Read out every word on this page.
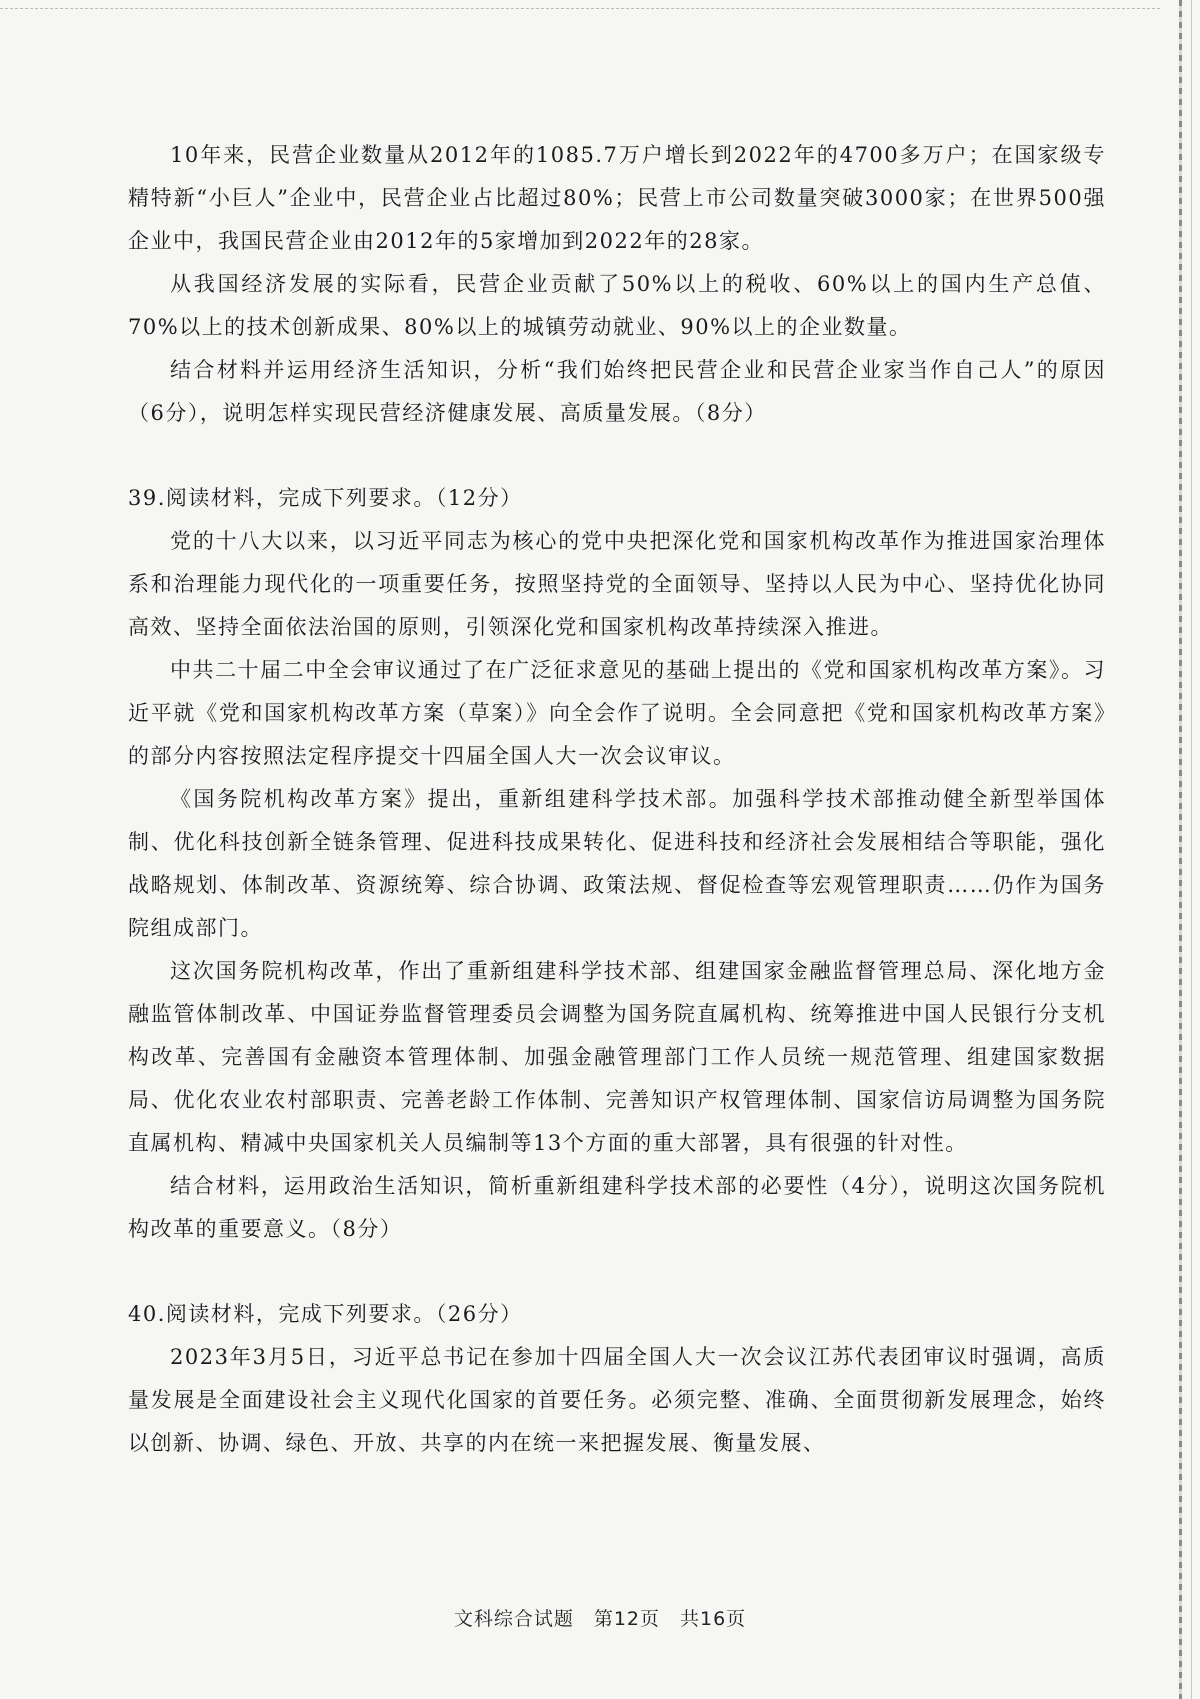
10年来，民营企业数量从2012年的1085.7万户增长到2022年的4700多万户；在国家级专精特新“小巨人”企业中，民营企业占比超过80%；民营上市公司数量突破3000家；在世界500强企业中，我国民营企业由2012年的5家增加到2022年的28家。

从我国经济发展的实际看，民营企业贡献了50%以上的税收、60%以上的国内生产总值、70%以上的技术创新成果、80%以上的城镇劳动就业、90%以上的企业数量。

结合材料并运用经济生活知识，分析“我们始终把民营企业和民营企业家当作自己人”的原因（6分），说明怎样实现民营经济健康发展、高质量发展。（8分）

39.阅读材料，完成下列要求。（12分）

党的十八大以来，以习近平同志为核心的党中央把深化党和国家机构改革作为推进国家治理体系和治理能力现代化的一项重要任务，按照坚持党的全面领导、坚持以人民为中心、坚持优化协同高效、坚持全面依法治国的原则，引领深化党和国家机构改革持续深入推进。

中共二十届二中全会审议通过了在广泛征求意见的基础上提出的《党和国家机构改革方案》。习近平就《党和国家机构改革方案（草案）》向全会作了说明。全会同意把《党和国家机构改革方案》的部分内容按照法定程序提交十四届全国人大一次会议审议。

《国务院机构改革方案》提出，重新组建科学技术部。加强科学技术部推动健全新型举国体制、优化科技创新全链条管理、促进科技成果转化、促进科技和经济社会发展相结合等职能，强化战略规划、体制改革、资源统筹、综合协调、政策法规、督促检查等宏观管理职责……仍作为国务院组成部门。

这次国务院机构改革，作出了重新组建科学技术部、组建国家金融监督管理总局、深化地方金融监管体制改革、中国证券监督管理委员会调整为国务院直属机构、统筹推进中国人民银行分支机构改革、完善国有金融资本管理体制、加强金融管理部门工作人员统一规范管理、组建国家数据局、优化农业农村部职责、完善老龄工作体制、完善知识产权管理体制、国家信访局调整为国务院直属机构、精减中央国家机关人员编制等13个方面的重大部署，具有很强的针对性。

结合材料，运用政治生活知识，简析重新组建科学技术部的必要性（4分），说明这次国务院机构改革的重要意义。（8分）

40.阅读材料，完成下列要求。（26分）

2023年3月5日，习近平总书记在参加十四届全国人大一次会议江苏代表团审议时强调，高质量发展是全面建设社会主义现代化国家的首要任务。必须完整、准确、全面贯彻新发展理念，始终以创新、协调、绿色、开放、共享的内在统一来把握发展、衡量发展、

文科综合试题　第12页　共16页
